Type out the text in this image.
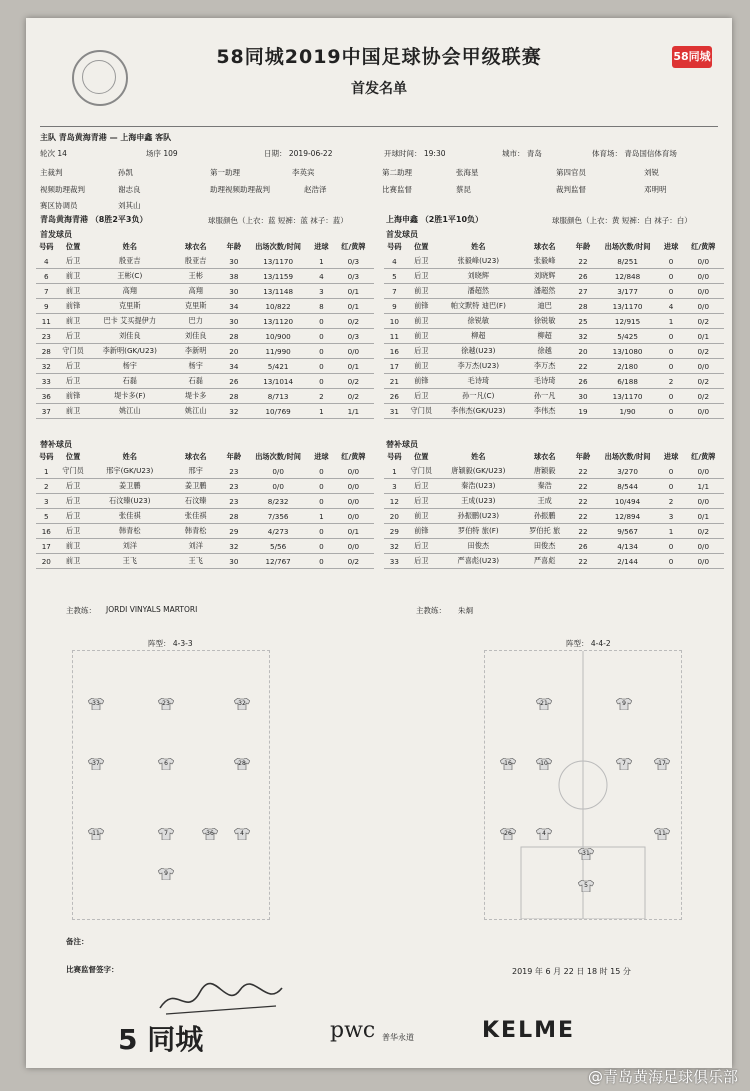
58同城
58同城2019中国足球协会甲级联赛
首发名单
主队 青岛黄海青港 — 上海申鑫 客队
轮次 14	场序 109	日期： 2019-06-22	开球时间： 19:30	城市： 青岛	体育场： 青岛国信体育场
主裁判	孙凯	第一助理	李英宾	第二助理	张海星	第四官员	刘锐
视频助理裁判	谢志良	助理视频助理裁判	赵浩泽	比赛监督	蔡昆	裁判监督	邓明明
赛区协调员	刘其山
青岛黄海青港 （8胜2平3负）	球服颜色（上衣：蓝 短裤：蓝 袜子：蓝）	上海申鑫 （2胜1平10负）	球服颜色（上衣：黄 短裤：白 袜子：白）
首发球员	首发球员
号码	位置	姓名	球衣名	年龄	出场次数/时间	进球	红/黄牌
4	后卫	殷亚吉	殷亚吉	30	13/1170	1	0/3
6	前卫	王彬(C)	王彬	38	13/1159	4	0/3
7	前卫	高翔	高翔	30	13/1148	3	0/1
9	前锋	克里斯	克里斯	34	10/822	8	0/1
11	前卫	巴卡 艾买提伊力	巴力	30	13/1120	0	0/2
23	后卫	刘佳良	刘佳良	28	10/900	0	0/3
28	守门员	李新明(GK/U23)	李新明	20	11/990	0	0/0
32	后卫	杨宇	杨宇	34	5/421	0	0/1
33	后卫	石磊	石磊	26	13/1014	0	0/2
36	前锋	堤卡多(F)	堤卡多	28	8/713	2	0/2
37	前卫	姚江山	姚江山	32	10/769	1	1/1
号码	位置	姓名	球衣名	年龄	出场次数/时间	进球	红/黄牌
4	后卫	张毅峰(U23)	张毅峰	22	8/251	0	0/0
5	后卫	刘晓辉	刘晓辉	26	12/848	0	0/0
7	前卫	潘超然	潘超然	27	3/177	0	0/0
9	前锋	帕文默特 迪巴(F)	迪巴	28	13/1170	4	0/0
10	前卫	徐锐敏	徐锐敏	25	12/915	1	0/2
11	前卫	柳超	柳超	32	5/425	0	0/1
16	后卫	徐越(U23)	徐越	20	13/1080	0	0/2
17	前卫	李万杰(U23)	李万杰	22	2/180	0	0/0
21	前锋	毛诗琦	毛诗琦	26	6/188	2	0/2
26	后卫	孙一凡(C)	孙一凡	30	13/1170	0	0/2
31	守门员	李伟杰(GK/U23)	李伟杰	19	1/90	0	0/0
替补球员	替补球员
号码	位置	姓名	球衣名	年龄	出场次数/时间	进球	红/黄牌
1	守门员	邢宇(GK/U23)	邢宇	23	0/0	0	0/0
2	后卫	姜卫鹏	姜卫鹏	23	0/0	0	0/0
3	后卫	石汶臻(U23)	石汶臻	23	8/232	0	0/0
5	后卫	张佳祺	张佳祺	28	7/356	1	0/0
16	后卫	韩青松	韩青松	29	4/273	0	0/1
17	前卫	刘洋	刘洋	32	5/56	0	0/0
20	前卫	王飞	王飞	30	12/767	0	0/2
号码	位置	姓名	球衣名	年龄	出场次数/时间	进球	红/黄牌
1	守门员	唐颖毅(GK/U23)	唐颖毅	22	3/270	0	0/0
3	后卫	秦浩(U23)	秦浩	22	8/544	0	1/1
12	后卫	王成(U23)	王成	22	10/494	2	0/0
20	前卫	孙振鹏(U23)	孙振鹏	22	12/894	3	0/1
29	前锋	罗伯特 旅(F)	罗伯托 旅	22	9/567	1	0/2
32	后卫	田俊杰	田俊杰	26	4/134	0	0/0
33	后卫	严喜彪(U23)	严喜彪	22	2/144	0	0/0
主教练： JORDI VINYALS MARTORI	主教练： 朱炯
阵型： 4-3-3	阵型： 4-4-2
33	23	32
37	6	28
11	7	36	4
9
21	9
16	10	7	17
31
11
26	4
5
备注：
比赛监督签字：	2019 年 6 月 22 日 18 时 15 分
5 同城	pwc 普华永道	KELME
@青岛黄海足球俱乐部
